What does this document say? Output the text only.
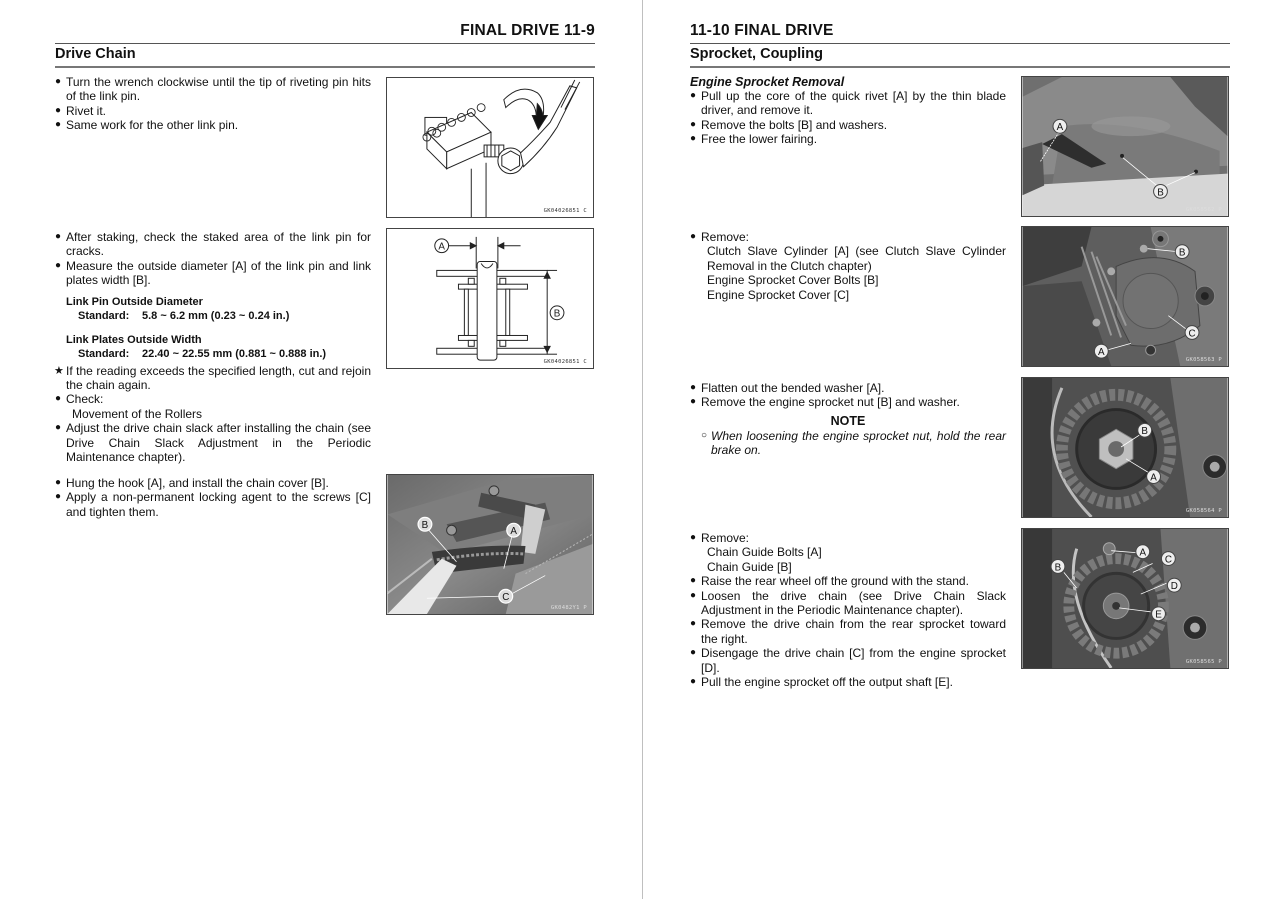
FINAL DRIVE 11-9
Drive Chain
● Turn the wrench clockwise until the tip of riveting pin hits of the link pin.
● Rivet it.
● Same work for the other link pin.
● After staking, check the staked area of the link pin for cracks.
● Measure the outside diameter [A] of the link pin and link plates width [B].
Link Pin Outside Diameter
Standard: 5.8 ~ 6.2 mm (0.23 ~ 0.24 in.)
Link Plates Outside Width
Standard: 22.40 ~ 22.55 mm (0.881 ~ 0.888 in.)
★ If the reading exceeds the specified length, cut and rejoin the chain again.
● Check:
Movement of the Rollers
● Adjust the drive chain slack after installing the chain (see Drive Chain Slack Adjustment in the Periodic Maintenance chapter).
● Hung the hook [A], and install the chain cover [B].
● Apply a non-permanent locking agent to the screws [C] and tighten them.
GK04026851 C
A
B
GK04026851 C
B
A
C
GK0482Y1 P
11-10 FINAL DRIVE
Sprocket, Coupling
Engine Sprocket Removal
● Pull up the core of the quick rivet [A] by the thin blade driver, and remove it.
● Remove the bolts [B] and washers.
● Free the lower fairing.
● Remove:
Clutch Slave Cylinder [A] (see Clutch Slave Cylinder Removal in the Clutch chapter)
Engine Sprocket Cover Bolts [B]
Engine Sprocket Cover [C]
● Flatten out the bended washer [A].
● Remove the engine sprocket nut [B] and washer.
NOTE
○ When loosening the engine sprocket nut, hold the rear brake on.
● Remove:
Chain Guide Bolts [A]
Chain Guide [B]
● Raise the rear wheel off the ground with the stand.
● Loosen the drive chain (see Drive Chain Slack Adjustment in the Periodic Maintenance chapter).
● Remove the drive chain from the rear sprocket toward the right.
● Disengage the drive chain [C] from the engine sprocket [D].
● Pull the engine sprocket off the output shaft [E].
A
B
GK058562 P
B
C
A
GK058563 P
B
A
GK058564 P
A
B
C
D
E
GK058565 P
